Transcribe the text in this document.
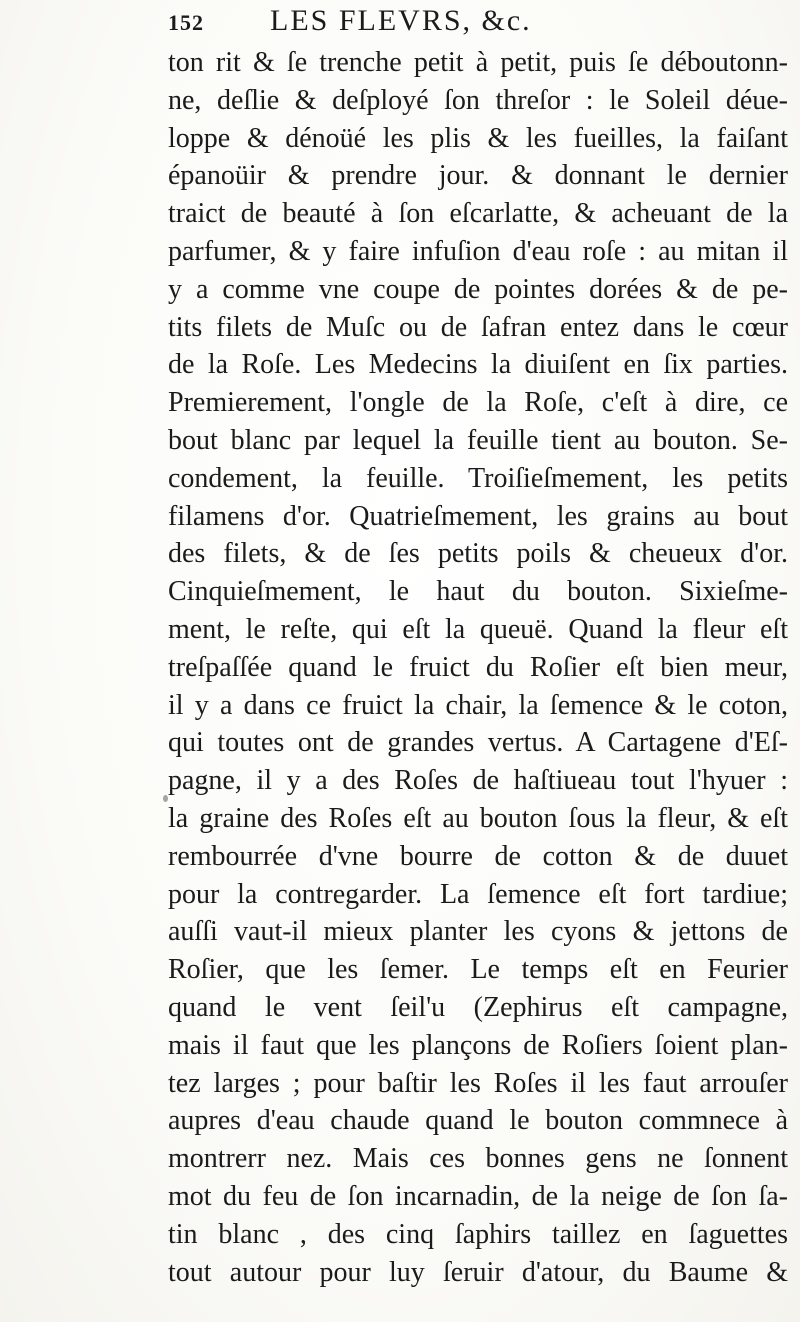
152 LES FLEVRS, &c.
ton rit & ſe trenche petit à petit, puis ſe déboutonn-
ne, deſlie & deſployé ſon threſor : le Soleil déue-
loppe & dénoüé les plis & les fueilles, la faiſant
épanoüir & prendre jour. & donnant le dernier
traict de beauté à ſon eſcarlatte, & acheuant de la
parfumer, & y faire infuſion d'eau roſe : au mitan il
y a comme vne coupe de pointes dorées & de pe-
tits filets de Muſc ou de ſafran entez dans le cœur
de la Roſe. Les Medecins la diuiſent en ſix parties.
Premierement, l'ongle de la Roſe, c'eſt à dire, ce
bout blanc par lequel la feuille tient au bouton. Se-
condement, la feuille. Troiſieſmement, les petits
filamens d'or. Quatrieſmement, les grains au bout
des filets, & de ſes petits poils & cheueux d'or.
Cinquieſmement, le haut du bouton. Sixieſme-
ment, le reſte, qui eſt la queuë. Quand la fleur eſt
treſpaſſée quand le fruict du Roſier eſt bien meur,
il y a dans ce fruict la chair, la ſemence & le coton,
qui toutes ont de grandes vertus. A Cartagene d'Eſ-
pagne, il y a des Roſes de haſtiueau tout l'hyuer :
la graine des Roſes eſt au bouton ſous la fleur, & eſt
rembourrée d'vne bourre de cotton & de duuet
pour la contregarder. La ſemence eſt fort tardiue;
auſſi vaut-il mieux planter les cyons & jettons de
Roſier, que les ſemer. Le temps eſt en Feurier
quand le vent ſeil'u (Zephirus eſt campagne,
mais il faut que les plançons de Roſiers ſoient plan-
tez larges ; pour baſtir les Roſes il les faut arrouſer
aupres d'eau chaude quand le bouton commnece à
montrerr nez. Mais ces bonnes gens ne ſonnent
mot du feu de ſon incarnadin, de la neige de ſon ſa-
tin blanc , des cinq ſaphirs taillez en ſaguettes
tout autour pour luy ſeruir d'atour, du Baume &
